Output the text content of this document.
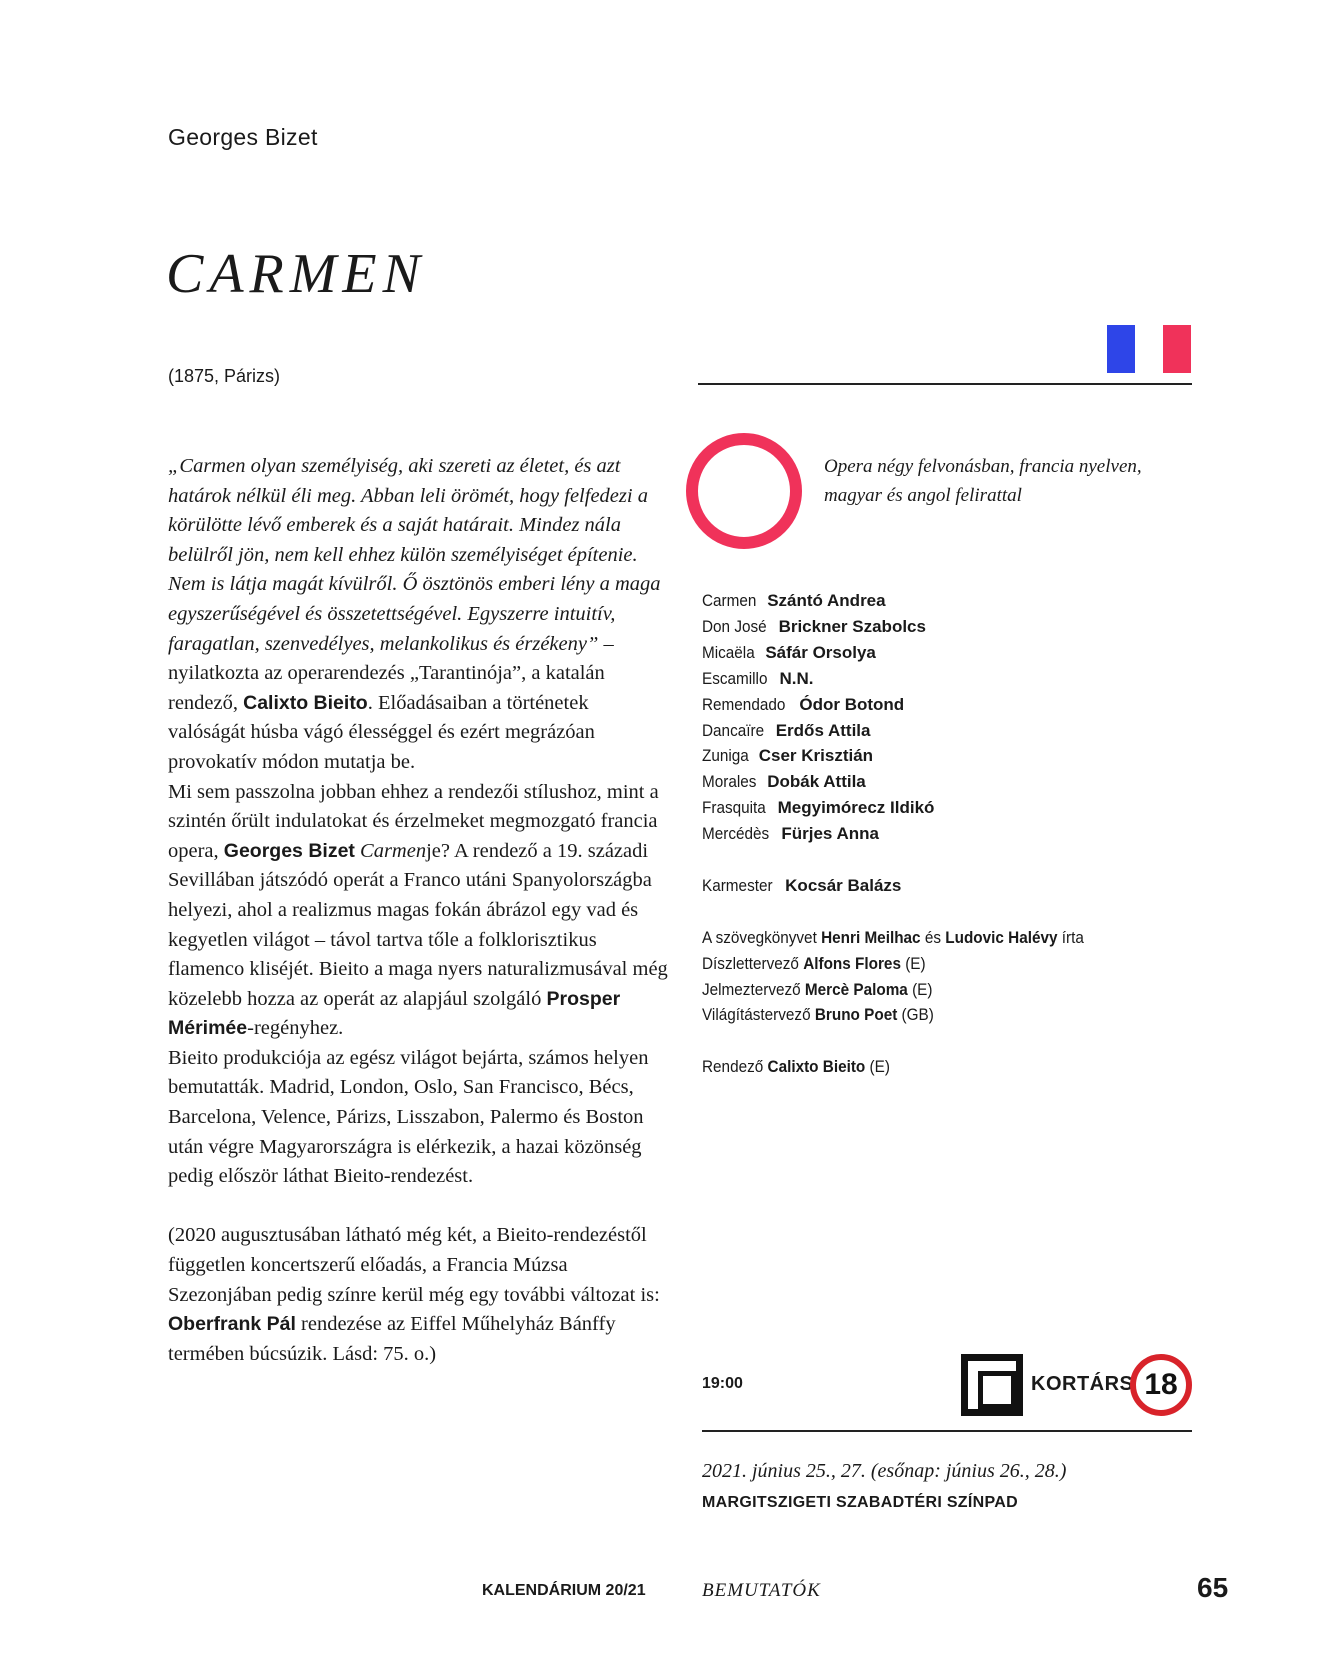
Georges Bizet
CARMEN
(1875, Párizs)

„Carmen olyan személyiség, aki szereti az életet, és azt határok nélkül éli meg. Abban leli örömét, hogy felfedezi a körülötte lévő emberek és a saját határait. Mindez nála belülről jön, nem kell ehhez külön személyiséget építenie. Nem is látja magát kívülről. Ő ösztönös emberi lény a maga egyszerűségével és összetettségével. Egyszerre intuitív, faragatlan, szenvedélyes, melankolikus és érzékeny” – nyilatkozta az operarendezés „Tarantinója”, a katalán rendező, Calixto Bieito. Előadásaiban a történetek valóságát húsba vágó élességgel és ezért megrázóan provokatív módon mutatja be.

Mi sem passzolna jobban ehhez a rendezői stílushoz, mint a szintén őrült indulatokat és érzelmeket megmozgató francia opera, Georges Bizet Carmenje? A rendező a 19. századi Sevillában játszódó operát a Franco utáni Spanyolországba helyezi, ahol a realizmus magas fokán ábrázol egy vad és kegyetlen világot – távol tartva tőle a folklorisztikus flamenco kliséjét. Bieito a maga nyers naturalizmusával még közelebb hozza az operát az alapjául szolgáló Prosper Mérimée-regényhez.

Bieito produkciója az egész világot bejárta, számos helyen bemutatták. Madrid, London, Oslo, San Francisco, Bécs, Barcelona, Velence, Párizs, Lisszabon, Palermo és Boston után végre Magyarországra is elérkezik, a hazai közönség pedig először láthat Bieito-rendezést.

(2020 augusztusában látható még két, a Bieito-rendezéstől független koncertszerű előadás, a Francia Múzsa Szezonjában pedig színre kerül még egy további változat is: Oberfrank Pál rendezése az Eiffel Műhelyház Bánffy termében búcsúzik. Lásd: 75. o.)

Opera négy felvonásban, francia nyelven,
magyar és angol felirattal
Carmen Szántó Andrea
Don José Brickner Szabolcs
Micaëla Sáfár Orsolya
Escamillo N.N.
Remendado Ódor Botond
Dancaïre Erdős Attila
Zuniga Cser Krisztián
Morales Dobák Attila
Frasquita Megyimórecz Ildikó
Mercédès Fürjes Anna
Karmester Kocsár Balázs
A szövegkönyvet Henri Meilhac és Ludovic Halévy írta
Díszlettervező Alfons Flores (E)
Jelmeztervező Mercè Paloma (E)
Világítástervező Bruno Poet (GB)
Rendező Calixto Bieito (E)
19:00	KORTÁRS 18
2021. június 25., 27. (esőnap: június 26., 28.)
MARGITSZIGETI SZABADTÉRI SZÍNPAD
KALENDÁRIUM 20/21	BEMUTATÓK	65
